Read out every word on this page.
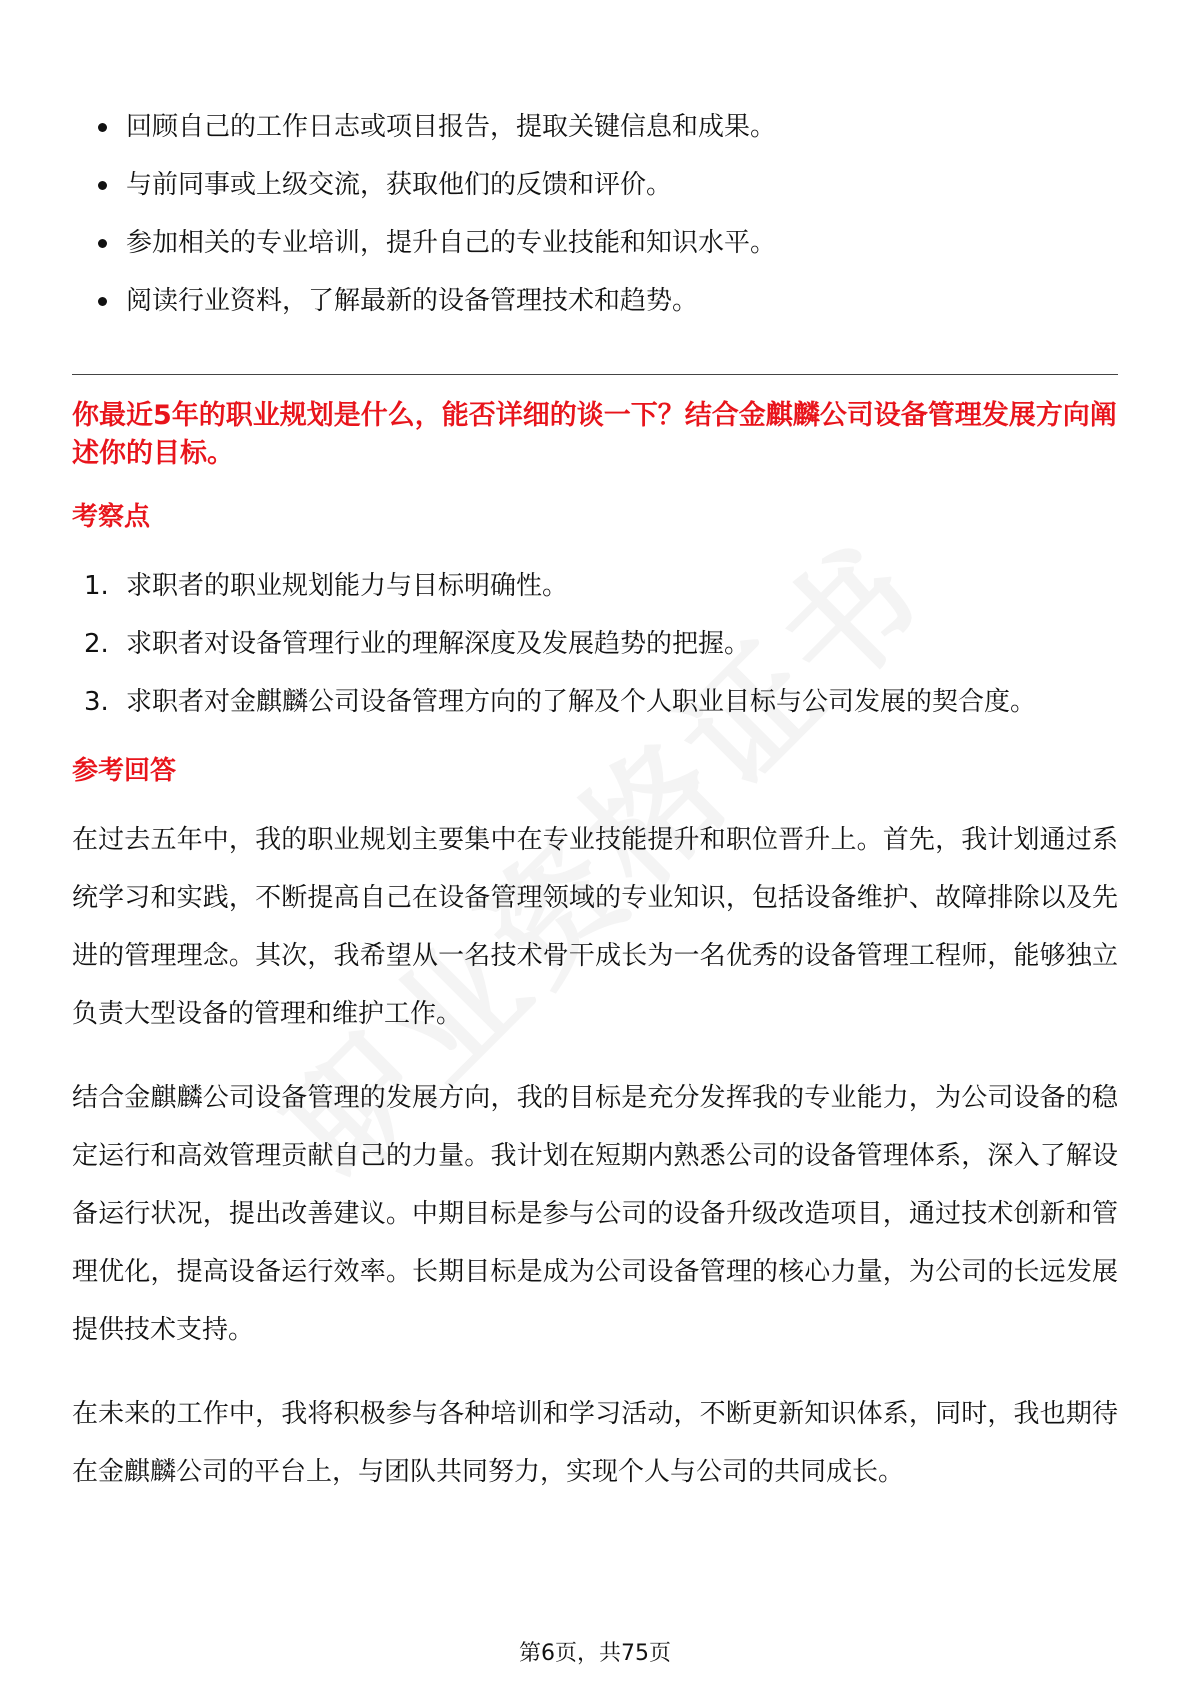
回顾自己的工作日志或项目报告，提取关键信息和成果。
与前同事或上级交流，获取他们的反馈和评价。
参加相关的专业培训，提升自己的专业技能和知识水平。
阅读行业资料，了解最新的设备管理技术和趋势。
你最近5年的职业规划是什么，能否详细的谈一下？结合金麒麟公司设备管理发展方向阐述你的目标。
考察点
1. 求职者的职业规划能力与目标明确性。
2. 求职者对设备管理行业的理解深度及发展趋势的把握。
3. 求职者对金麒麟公司设备管理方向的了解及个人职业目标与公司发展的契合度。
参考回答

在过去五年中，我的职业规划主要集中在专业技能提升和职位晋升上。首先，我计划通过系统学习和实践，不断提高自己在设备管理领域的专业知识，包括设备维护、故障排除以及先进的管理理念。其次，我希望从一名技术骨干成长为一名优秀的设备管理工程师，能够独立负责大型设备的管理和维护工作。

结合金麒麟公司设备管理的发展方向，我的目标是充分发挥我的专业能力，为公司设备的稳定运行和高效管理贡献自己的力量。我计划在短期内熟悉公司的设备管理体系，深入了解设备运行状况，提出改善建议。中期目标是参与公司的设备升级改造项目，通过技术创新和管理优化，提高设备运行效率。长期目标是成为公司设备管理的核心力量，为公司的长远发展提供技术支持。

在未来的工作中，我将积极参与各种培训和学习活动，不断更新知识体系，同时，我也期待在金麒麟公司的平台上，与团队共同努力，实现个人与公司的共同成长。

第6页，共75页
